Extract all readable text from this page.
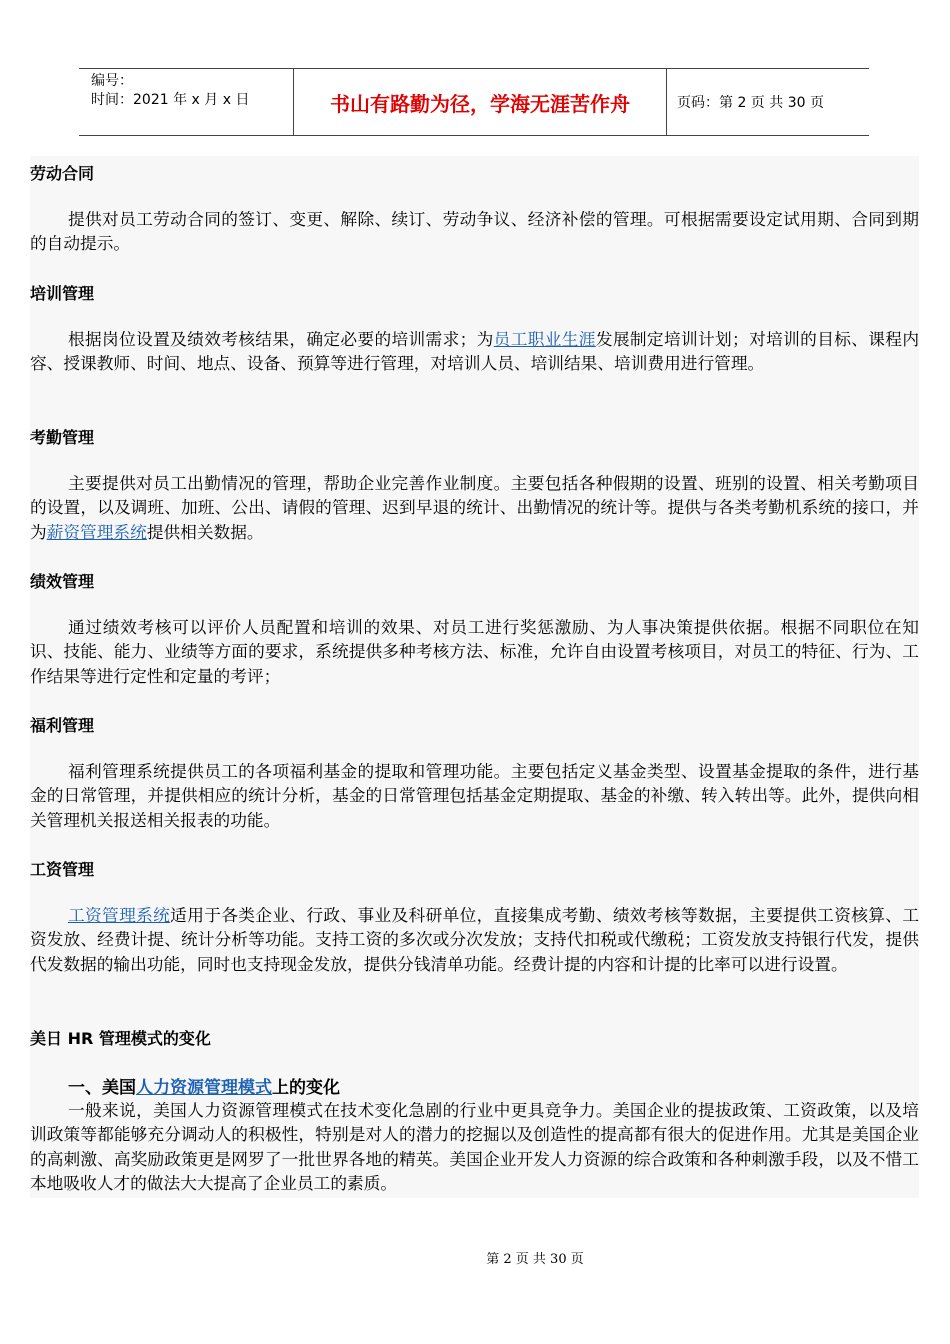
编号：
时间：2021 年 x 月 x 日	书山有路勤为径，学海无涯苦作舟	页码：第 2 页 共 30 页
劳动合同
提供对员工劳动合同的签订、变更、解除、续订、劳动争议、经济补偿的管理。可根据需要设定试用期、合同到期的自动提示。
培训管理
根据岗位设置及绩效考核结果，确定必要的培训需求；为员工职业生涯发展制定培训计划；对培训的目标、课程内容、授课教师、时间、地点、设备、预算等进行管理，对培训人员、培训结果、培训费用进行管理。
考勤管理
主要提供对员工出勤情况的管理，帮助企业完善作业制度。主要包括各种假期的设置、班别的设置、相关考勤项目的设置，以及调班、加班、公出、请假的管理、迟到早退的统计、出勤情况的统计等。提供与各类考勤机系统的接口，并为薪资管理系统提供相关数据。
绩效管理
通过绩效考核可以评价人员配置和培训的效果、对员工进行奖惩激励、为人事决策提供依据。根据不同职位在知识、技能、能力、业绩等方面的要求，系统提供多种考核方法、标准，允许自由设置考核项目，对员工的特征、行为、工作结果等进行定性和定量的考评；
福利管理
福利管理系统提供员工的各项福利基金的提取和管理功能。主要包括定义基金类型、设置基金提取的条件，进行基金的日常管理，并提供相应的统计分析，基金的日常管理包括基金定期提取、基金的补缴、转入转出等。此外，提供向相关管理机关报送相关报表的功能。
工资管理
工资管理系统适用于各类企业、行政、事业及科研单位，直接集成考勤、绩效考核等数据，主要提供工资核算、工资发放、经费计提、统计分析等功能。支持工资的多次或分次发放；支持代扣税或代缴税；工资发放支持银行代发，提供代发数据的输出功能，同时也支持现金发放，提供分钱清单功能。经费计提的内容和计提的比率可以进行设置。
美日 HR 管理模式的变化
一、美国人力资源管理模式上的变化
一般来说，美国人力资源管理模式在技术变化急剧的行业中更具竞争力。美国企业的提拔政策、工资政策，以及培训政策等都能够充分调动人的积极性，特别是对人的潜力的挖掘以及创造性的提高都有很大的促进作用。尤其是美国企业的高刺激、高奖励政策更是网罗了一批世界各地的精英。美国企业开发人力资源的综合政策和各种刺激手段，以及不惜工本地吸收人才的做法大大提高了企业员工的素质。
第 2 页 共 30 页
